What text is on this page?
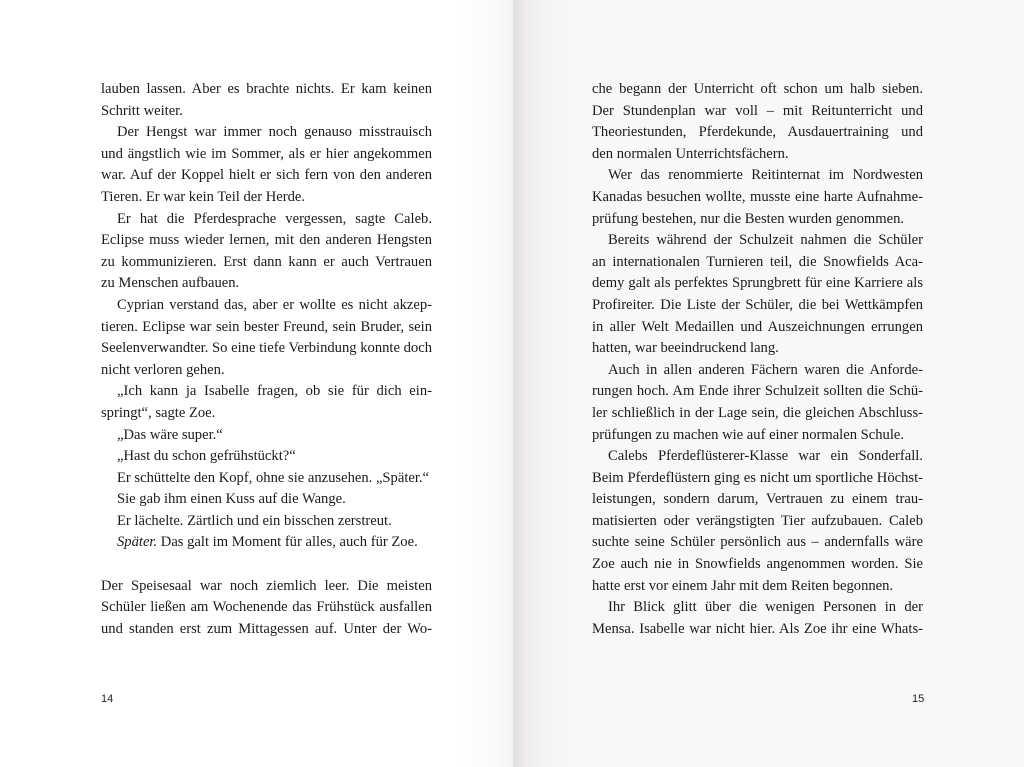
lauben lassen. Aber es brachte nichts. Er kam keinen
Schritt weiter.
Der Hengst war immer noch genauso misstrauisch
und ängstlich wie im Sommer, als er hier angekommen
war. Auf der Koppel hielt er sich fern von den anderen
Tieren. Er war kein Teil der Herde.
Er hat die Pferdesprache vergessen, sagte Caleb.
Eclipse muss wieder lernen, mit den anderen Hengsten
zu kommunizieren. Erst dann kann er auch Vertrauen
zu Menschen aufbauen.
Cyprian verstand das, aber er wollte es nicht akzep-
tieren. Eclipse war sein bester Freund, sein Bruder, sein
Seelenverwandter. So eine tiefe Verbindung konnte doch
nicht verloren gehen.
„Ich kann ja Isabelle fragen, ob sie für dich ein-
springt“, sagte Zoe.
„Das wäre super.“
„Hast du schon gefrühstückt?“
Er schüttelte den Kopf, ohne sie anzusehen. „Später.“
Sie gab ihm einen Kuss auf die Wange.
Er lächelte. Zärtlich und ein bisschen zerstreut.
Später. Das galt im Moment für alles, auch für Zoe.
Der Speisesaal war noch ziemlich leer. Die meisten
Schüler ließen am Wochenende das Frühstück ausfallen
und standen erst zum Mittagessen auf. Unter der Wo-
14
che begann der Unterricht oft schon um halb sieben.
Der Stundenplan war voll – mit Reitunterricht und
Theoriestunden, Pferdekunde, Ausdauertraining und
den normalen Unterrichtsfächern.
Wer das renommierte Reitinternat im Nordwesten
Kanadas besuchen wollte, musste eine harte Aufnahme-
prüfung bestehen, nur die Besten wurden genommen.
Bereits während der Schulzeit nahmen die Schüler
an internationalen Turnieren teil, die Snowfields Aca-
demy galt als perfektes Sprungbrett für eine Karriere als
Profireiter. Die Liste der Schüler, die bei Wettkämpfen
in aller Welt Medaillen und Auszeichnungen errungen
hatten, war beeindruckend lang.
Auch in allen anderen Fächern waren die Anforde-
rungen hoch. Am Ende ihrer Schulzeit sollten die Schü-
ler schließlich in der Lage sein, die gleichen Abschluss-
prüfungen zu machen wie auf einer normalen Schule.
Calebs Pferdeflüsterer-Klasse war ein Sonderfall.
Beim Pferdeflüstern ging es nicht um sportliche Höchst-
leistungen, sondern darum, Vertrauen zu einem trau-
matisierten oder verängstigten Tier aufzubauen. Caleb
suchte seine Schüler persönlich aus – andernfalls wäre
Zoe auch nie in Snowfields angenommen worden. Sie
hatte erst vor einem Jahr mit dem Reiten begonnen.
Ihr Blick glitt über die wenigen Personen in der
Mensa. Isabelle war nicht hier. Als Zoe ihr eine Whats-
15
